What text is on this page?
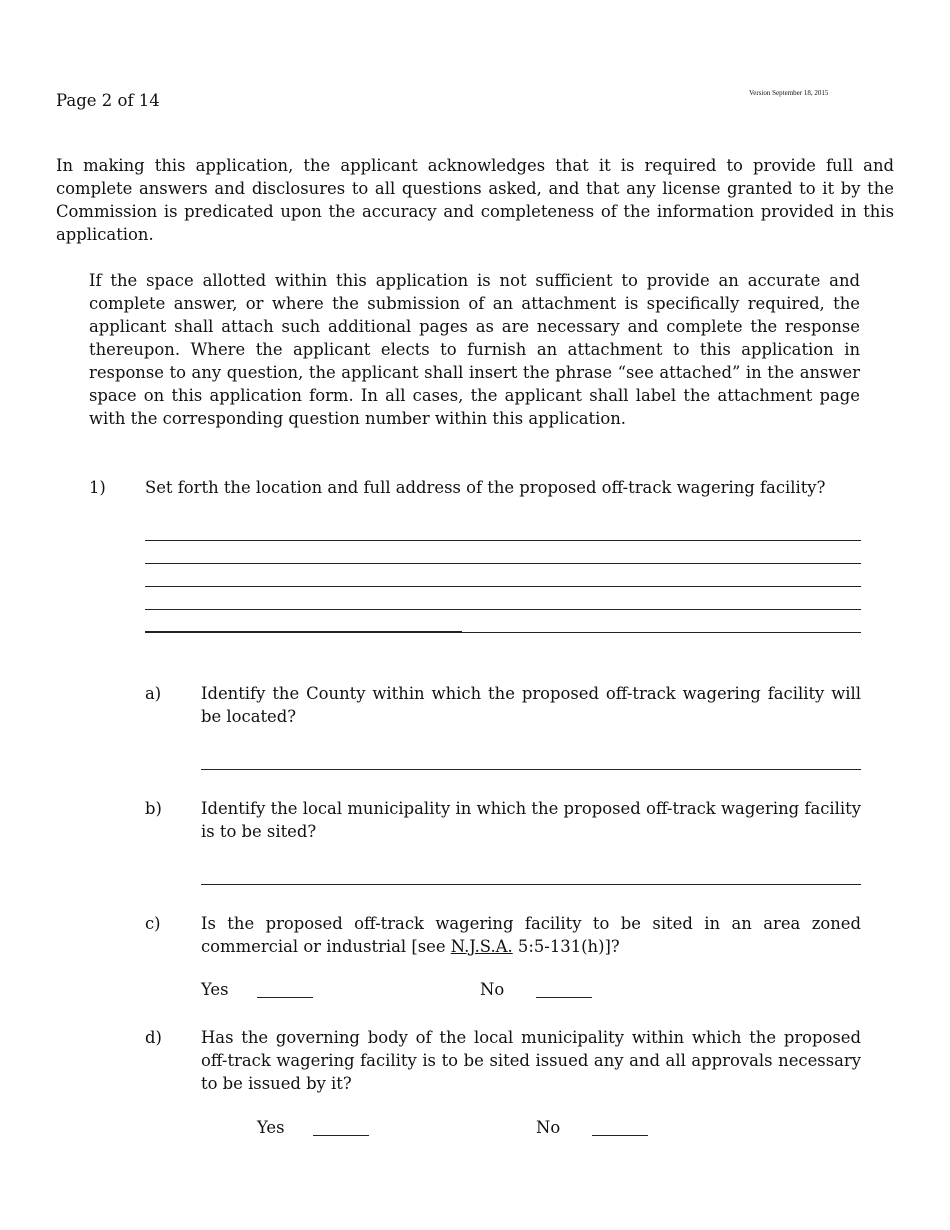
Page 2 of 14	Version September 18, 2015
In making this application, the applicant acknowledges that it is required to provide full and complete answers and disclosures to all questions asked, and that any license granted to it by the Commission is predicated upon the accuracy and completeness of the information provided in this application.
If the space allotted within this application is not sufficient to provide an accurate and complete answer, or where the submission of an attachment is specifically required, the applicant shall attach such additional pages as are necessary and complete the response thereupon. Where the applicant elects to furnish an attachment to this application in response to any question, the applicant shall insert the phrase “see attached” in the answer space on this application form. In all cases, the applicant shall label the attachment page with the corresponding question number within this application.
1) Set forth the location and full address of the proposed off-track wagering facility?
a) Identify the County within which the proposed off-track wagering facility will be located?
b) Identify the local municipality in which the proposed off-track wagering facility is to be sited?
c) Is the proposed off-track wagering facility to be sited in an area zoned commercial or industrial [see N.J.S.A. 5:5-131(h)]?
Yes	No
d) Has the governing body of the local municipality within which the proposed off-track wagering facility is to be sited issued any and all approvals necessary to be issued by it?
Yes	No
